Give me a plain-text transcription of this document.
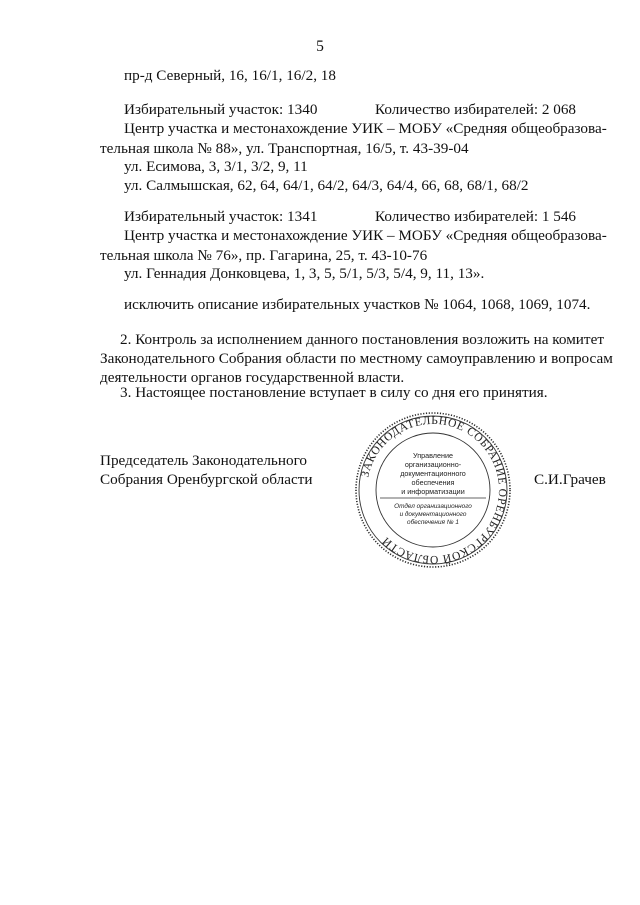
5
пр-д Северный, 16, 16/1, 16/2, 18
Избирательный участок: 1340	Количество избирателей: 2 068
Центр участка и местонахождение УИК – МОБУ «Средняя общеобразова-
тельная школа № 88», ул. Транспортная, 16/5, т. 43-39-04
ул. Есимова, 3, 3/1, 3/2, 9, 11
ул. Салмышская, 62, 64, 64/1, 64/2, 64/3, 64/4, 66, 68, 68/1, 68/2
Избирательный участок: 1341	Количество избирателей: 1 546
Центр участка и местонахождение УИК – МОБУ «Средняя общеобразова-
тельная школа № 76», пр. Гагарина, 25, т. 43-10-76
ул. Геннадия Донковцева, 1, 3, 5, 5/1, 5/3, 5/4, 9, 11, 13».
исключить описание избирательных участков № 1064, 1068, 1069, 1074.
2. Контроль за исполнением данного постановления возложить на комитет
Законодательного Собрания области по местному самоуправлению и вопросам
деятельности органов государственной власти.
3. Настоящее постановление вступает в силу со дня его принятия.
Председатель Законодательного
Собрания Оренбургской области	С.И.Грачев
ЗАКОНОДАТЕЛЬНОЕ СОБРАНИЕ ОРЕНБУРГСКОЙ ОБЛАСТИ
Управление
организационно-
документационного
обеспечения
и информатизации
Отдел организационного
и документационного
обеспечения № 1
